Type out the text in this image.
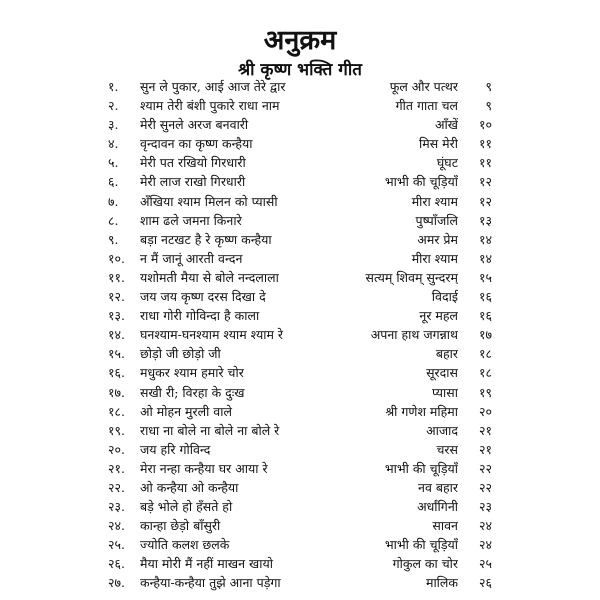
अनुक्रम
श्री कृष्ण भक्ति गीत
१.	सुन ले पुकार, आई आज तेरे द्वार	फूल और पत्थर	९
२.	श्याम तेरी बंशी पुकारे राधा नाम	गीत गाता चल	९
३.	मेरी सुनले अरज बनवारी	आँखें	१०
४.	वृन्दावन का कृष्ण कन्हैया	मिस मेरी	११
५.	मेरी पत रखियो गिरधारी	घूंघट	११
६.	मेरी लाज राखो गिरधारी	भाभी की चूड़ियाँ	१२
७.	अँखिया श्याम मिलन को प्यासी	मीरा श्याम	१२
८.	शाम ढले जमना किनारे	पुष्पाँजलि	१३
९.	बड़ा नटखट है रे कृष्ण कन्हैया	अमर प्रेम	१४
१०.	न मैं जानूं आरती वन्दन	मीरा श्याम	१४
११.	यशोमती मैया से बोले नन्दलाला	सत्यम् शिवम् सुन्दरम्	१५
१२.	जय जय कृष्ण दरस दिखा दे	विदाई	१६
१३.	राधा गोरी गोविन्दा है काला	नूर महल	१६
१४.	घनश्याम-घनश्याम श्याम श्याम रे	अपना हाथ जगन्नाथ	१७
१५.	छोड़ो जी छोड़ो जी	बहार	१८
१६.	मधुकर श्याम हमारे चोर	सूरदास	१८
१७.	सखी री; विरहा के दुःख	प्यासा	१९
१८.	ओ मोहन मुरली वाले	श्री गणेश महिमा	२०
१९.	राधा ना बोले ना बोले ना बोले रे	आजाद	२१
२०.	जय हरि गोविन्द	चरस	२१
२१.	मेरा नन्हा कन्हैया घर आया रे	भाभी की चूड़ियाँ	२२
२२.	ओ कन्हैया ओ कन्हैया	नव बहार	२२
२३.	बड़े भोले हो हँसते हो	अर्धांगिनी	२३
२४.	कान्हा छेड़ो बाँसुरी	सावन	२४
२५.	ज्योति कलश छलके	भाभी की चूड़ियाँ	२४
२६.	मैया मोरी मैं नहीं माखन खायो	गोकुल का चोर	२५
२७.	कन्हैया-कन्हैया तुझे आना पड़ेगा	मालिक	२६
